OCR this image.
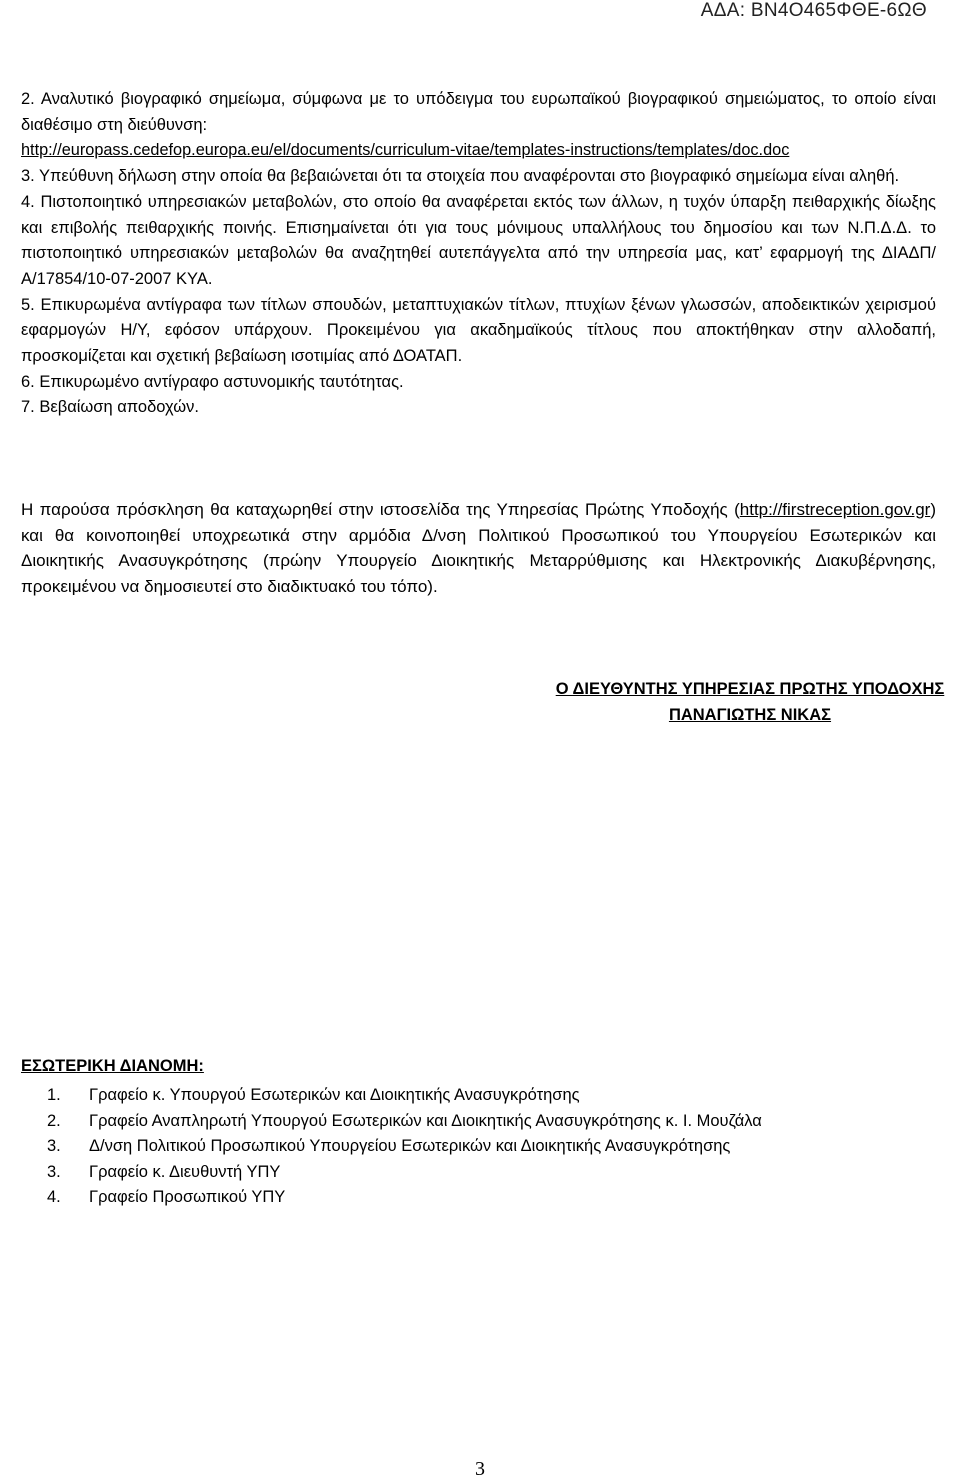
ΑΔΑ: ΒΝ4Ο465ΦΘΕ-6ΩΘ
2. Αναλυτικό βιογραφικό σημείωμα, σύμφωνα με το υπόδειγμα του ευρωπαϊκού βιογραφικού σημειώματος, το οποίο είναι διαθέσιμο στη διεύθυνση:
http://europass.cedefop.europa.eu/el/documents/curriculum-vitae/templates-instructions/templates/doc.doc
3. Υπεύθυνη δήλωση στην οποία θα βεβαιώνεται ότι τα στοιχεία που αναφέρονται στο βιογραφικό σημείωμα είναι αληθή.
4. Πιστοποιητικό υπηρεσιακών μεταβολών, στο οποίο θα αναφέρεται εκτός των άλλων, η τυχόν ύπαρξη πειθαρχικής δίωξης και επιβολής πειθαρχικής ποινής. Επισημαίνεται ότι για τους μόνιμους υπαλλήλους του δημοσίου και των Ν.Π.Δ.Δ. το πιστοποιητικό υπηρεσιακών μεταβολών θα αναζητηθεί αυτεπάγγελτα από την υπηρεσία μας, κατ’ εφαρμογή της ΔΙΑΔΠ/Α/17854/10-07-2007 ΚΥΑ.
5. Επικυρωμένα αντίγραφα των τίτλων σπουδών, μεταπτυχιακών τίτλων, πτυχίων ξένων γλωσσών, αποδεικτικών χειρισμού εφαρμογών Η/Υ, εφόσον υπάρχουν. Προκειμένου για ακαδημαϊκούς τίτλους που αποκτήθηκαν στην αλλοδαπή, προσκομίζεται και σχετική βεβαίωση ισοτιμίας από ΔΟΑΤΑΠ.
6. Επικυρωμένο αντίγραφο αστυνομικής ταυτότητας.
7. Βεβαίωση αποδοχών.
Η παρούσα πρόσκληση θα καταχωρηθεί στην ιστοσελίδα της Υπηρεσίας Πρώτης Υποδοχής (http://firstreception.gov.gr) και θα κοινοποιηθεί υποχρεωτικά στην αρμόδια Δ/νση Πολιτικού Προσωπικού του Υπουργείου Εσωτερικών και Διοικητικής Ανασυγκρότησης (πρώην Υπουργείο Διοικητικής Μεταρρύθμισης και Ηλεκτρονικής Διακυβέρνησης, προκειμένου να δημοσιευτεί στο διαδικτυακό του τόπο).
Ο ΔΙΕΥΘΥΝΤΗΣ ΥΠΗΡΕΣΙΑΣ ΠΡΩΤΗΣ ΥΠΟΔΟΧΗΣ
ΠΑΝΑΓΙΩΤΗΣ ΝΙΚΑΣ
ΕΣΩΤΕΡΙΚΗ ΔΙΑΝΟΜΗ:
1.	Γραφείο κ. Υπουργού Εσωτερικών και Διοικητικής Ανασυγκρότησης
2.	Γραφείο Αναπληρωτή Υπουργού Εσωτερικών και Διοικητικής Ανασυγκρότησης κ. Ι. Μουζάλα
3.	Δ/νση Πολιτικού Προσωπικού Υπουργείου Εσωτερικών και Διοικητικής Ανασυγκρότησης
3.	Γραφείο κ. Διευθυντή ΥΠΥ
4.	Γραφείο Προσωπικού ΥΠΥ
3
